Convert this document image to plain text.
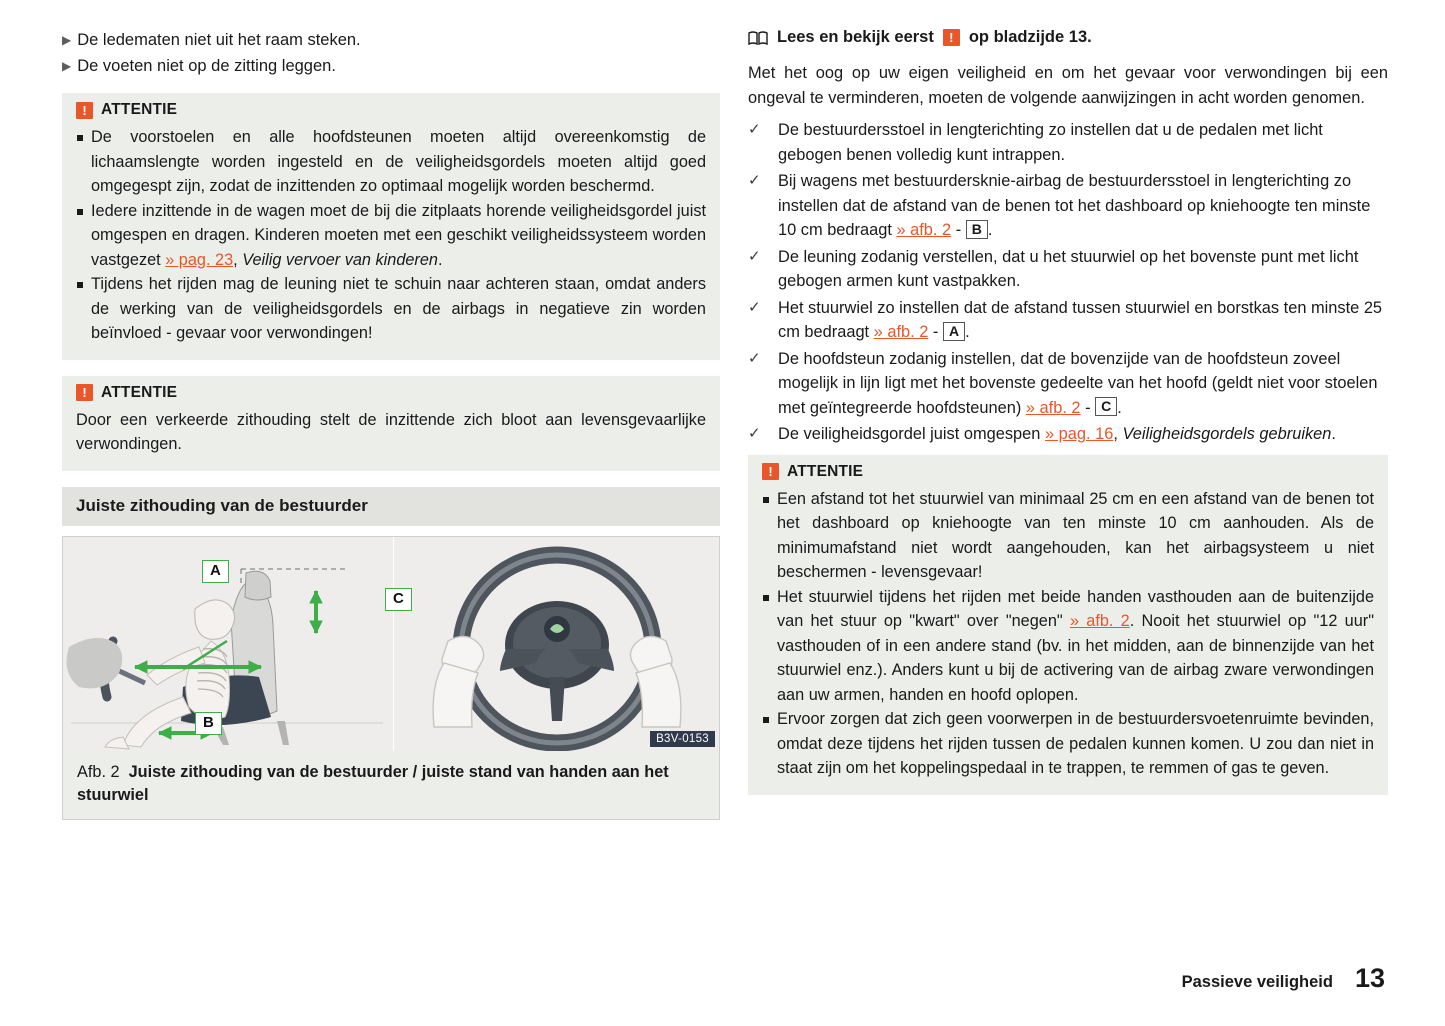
▶ De ledematen niet uit het raam steken.
▶ De voeten niet op de zitting leggen.
! ATTENTIE
De voorstoelen en alle hoofdsteunen moeten altijd overeenkomstig de lichaamslengte worden ingesteld en de veiligheidsgordels moeten altijd goed omgegespt zijn, zodat de inzittenden zo optimaal mogelijk worden beschermd.
Iedere inzittende in de wagen moet de bij die zitplaats horende veiligheidsgordel juist omgespen en dragen. Kinderen moeten met een geschikt veiligheidssysteem worden vastgezet » pag. 23, Veilig vervoer van kinderen.
Tijdens het rijden mag de leuning niet te schuin naar achteren staan, omdat anders de werking van de veiligheidsgordels en de airbags in negatieve zin worden beïnvloed - gevaar voor verwondingen!
! ATTENTIE

Door een verkeerde zithouding stelt de inzittende zich bloot aan levensgevaarlijke verwondingen.

Juiste zithouding van de bestuurder
B3V-0153
A
C
B
Afb. 2 Juiste zithouding van de bestuurder / juiste stand van handen aan het stuurwiel
Lees en bekijk eerst	! op bladzijde 13.

Met het oog op uw eigen veiligheid en om het gevaar voor verwondingen bij een ongeval te verminderen, moeten de volgende aanwijzingen in acht worden genomen.

✓	De bestuurdersstoel in lengterichting zo instellen dat u de pedalen met licht gebogen benen volledig kunt intrappen.
✓	Bij wagens met bestuurdersknie-airbag de bestuurdersstoel in lengterichting zo instellen dat de afstand van de benen tot het dashboard op kniehoogte ten minste 10 cm bedraagt » afb. 2 - B .
✓	De leuning zodanig verstellen, dat u het stuurwiel op het bovenste punt met licht gebogen armen kunt vastpakken.
✓	Het stuurwiel zo instellen dat de afstand tussen stuurwiel en borstkas ten minste 25 cm bedraagt » afb. 2 - A .
✓	De hoofdsteun zodanig instellen, dat de bovenzijde van de hoofdsteun zoveel mogelijk in lijn ligt met het bovenste gedeelte van het hoofd (geldt niet voor stoelen met geïntegreerde hoofdsteunen) » afb. 2 - C .
✓	De veiligheidsgordel juist omgespen » pag. 16, Veiligheidsgordels gebruiken.
! ATTENTIE
Een afstand tot het stuurwiel van minimaal 25 cm en een afstand van de benen tot het dashboard op kniehoogte van ten minste 10 cm aanhouden. Als de minimumafstand niet wordt aangehouden, kan het airbagsysteem u niet beschermen - levensgevaar!
Het stuurwiel tijdens het rijden met beide handen vasthouden aan de buitenzijde van het stuur op "kwart" over "negen" » afb. 2. Nooit het stuurwiel op "12 uur" vasthouden of in een andere stand (bv. in het midden, aan de binnenzijde van het stuurwiel enz.). Anders kunt u bij de activering van de airbag zware verwondingen aan uw armen, handen en hoofd oplopen.
Ervoor zorgen dat zich geen voorwerpen in de bestuurdersvoetenruimte bevinden, omdat deze tijdens het rijden tussen de pedalen kunnen komen. U zou dan niet in staat zijn om het koppelingspedaal in te trappen, te remmen of gas te geven.
Passieve veiligheid 13
